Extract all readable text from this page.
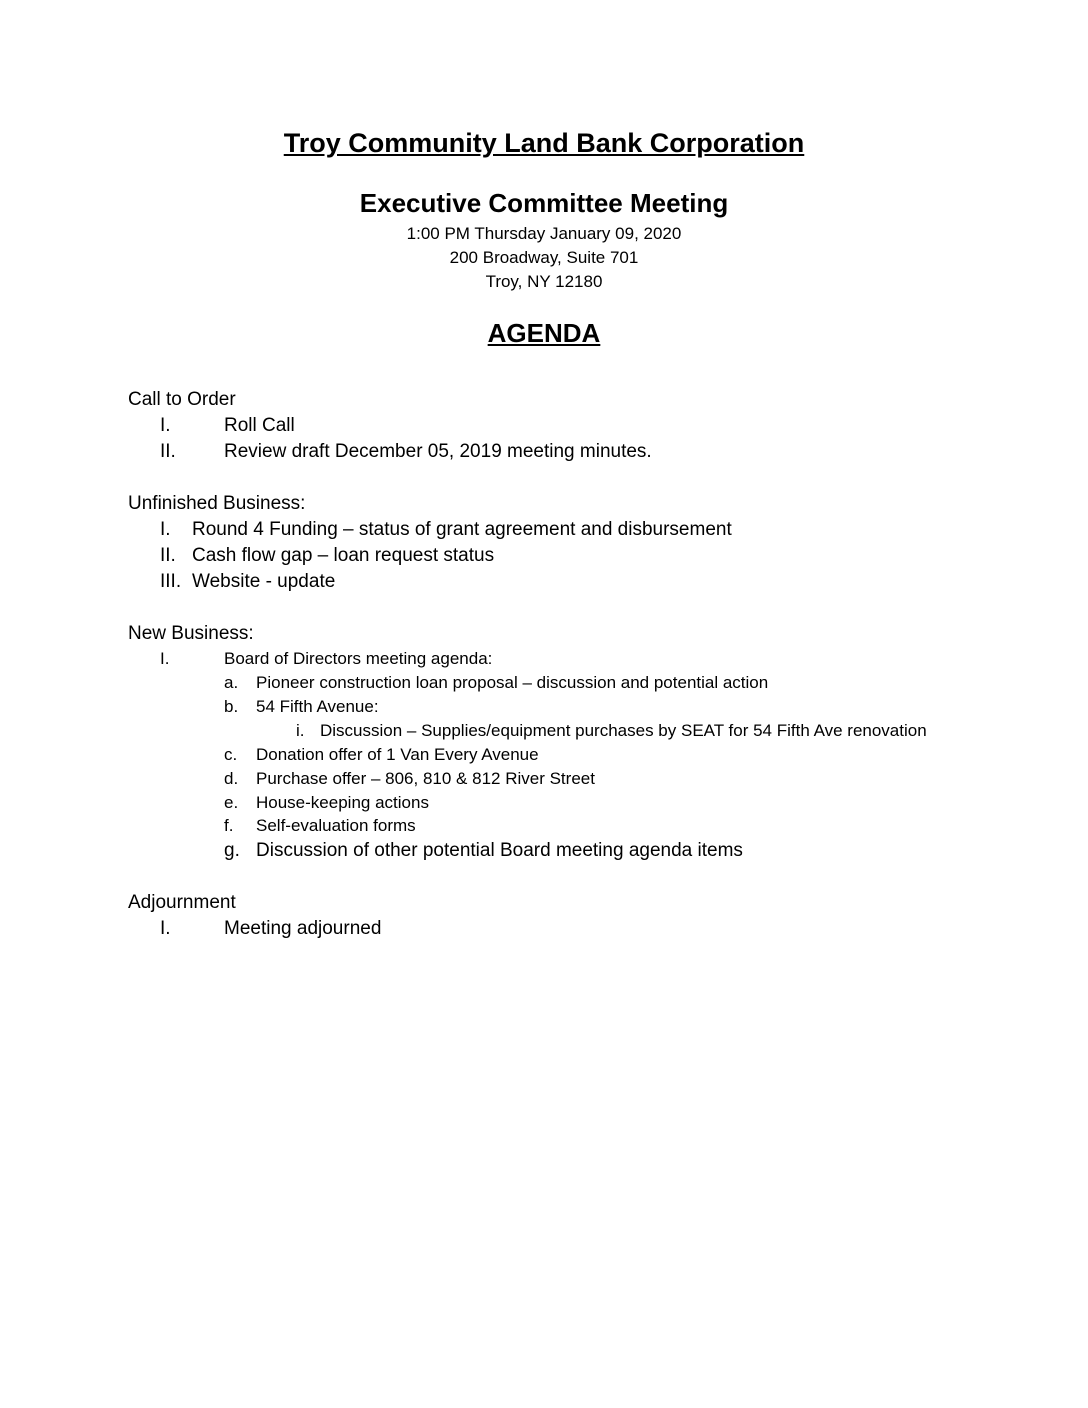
Troy Community Land Bank Corporation
Executive Committee Meeting
1:00 PM Thursday January 09, 2020
200 Broadway, Suite 701
Troy, NY 12180
AGENDA
Call to Order
I.	Roll Call
II.	Review draft December 05, 2019 meeting minutes.
Unfinished Business:
I. Round 4 Funding – status of grant agreement and disbursement
II. Cash flow gap – loan request status
III. Website - update
New Business:
I.	Board of Directors meeting agenda:
a. Pioneer construction loan proposal – discussion and potential action
b. 54 Fifth Avenue:
i. Discussion – Supplies/equipment purchases by SEAT for 54 Fifth Ave renovation
c. Donation offer of 1 Van Every Avenue
d. Purchase offer – 806, 810 & 812 River Street
e. House-keeping actions
f. Self-evaluation forms
g. Discussion of other potential Board meeting agenda items
Adjournment
I.	Meeting adjourned
